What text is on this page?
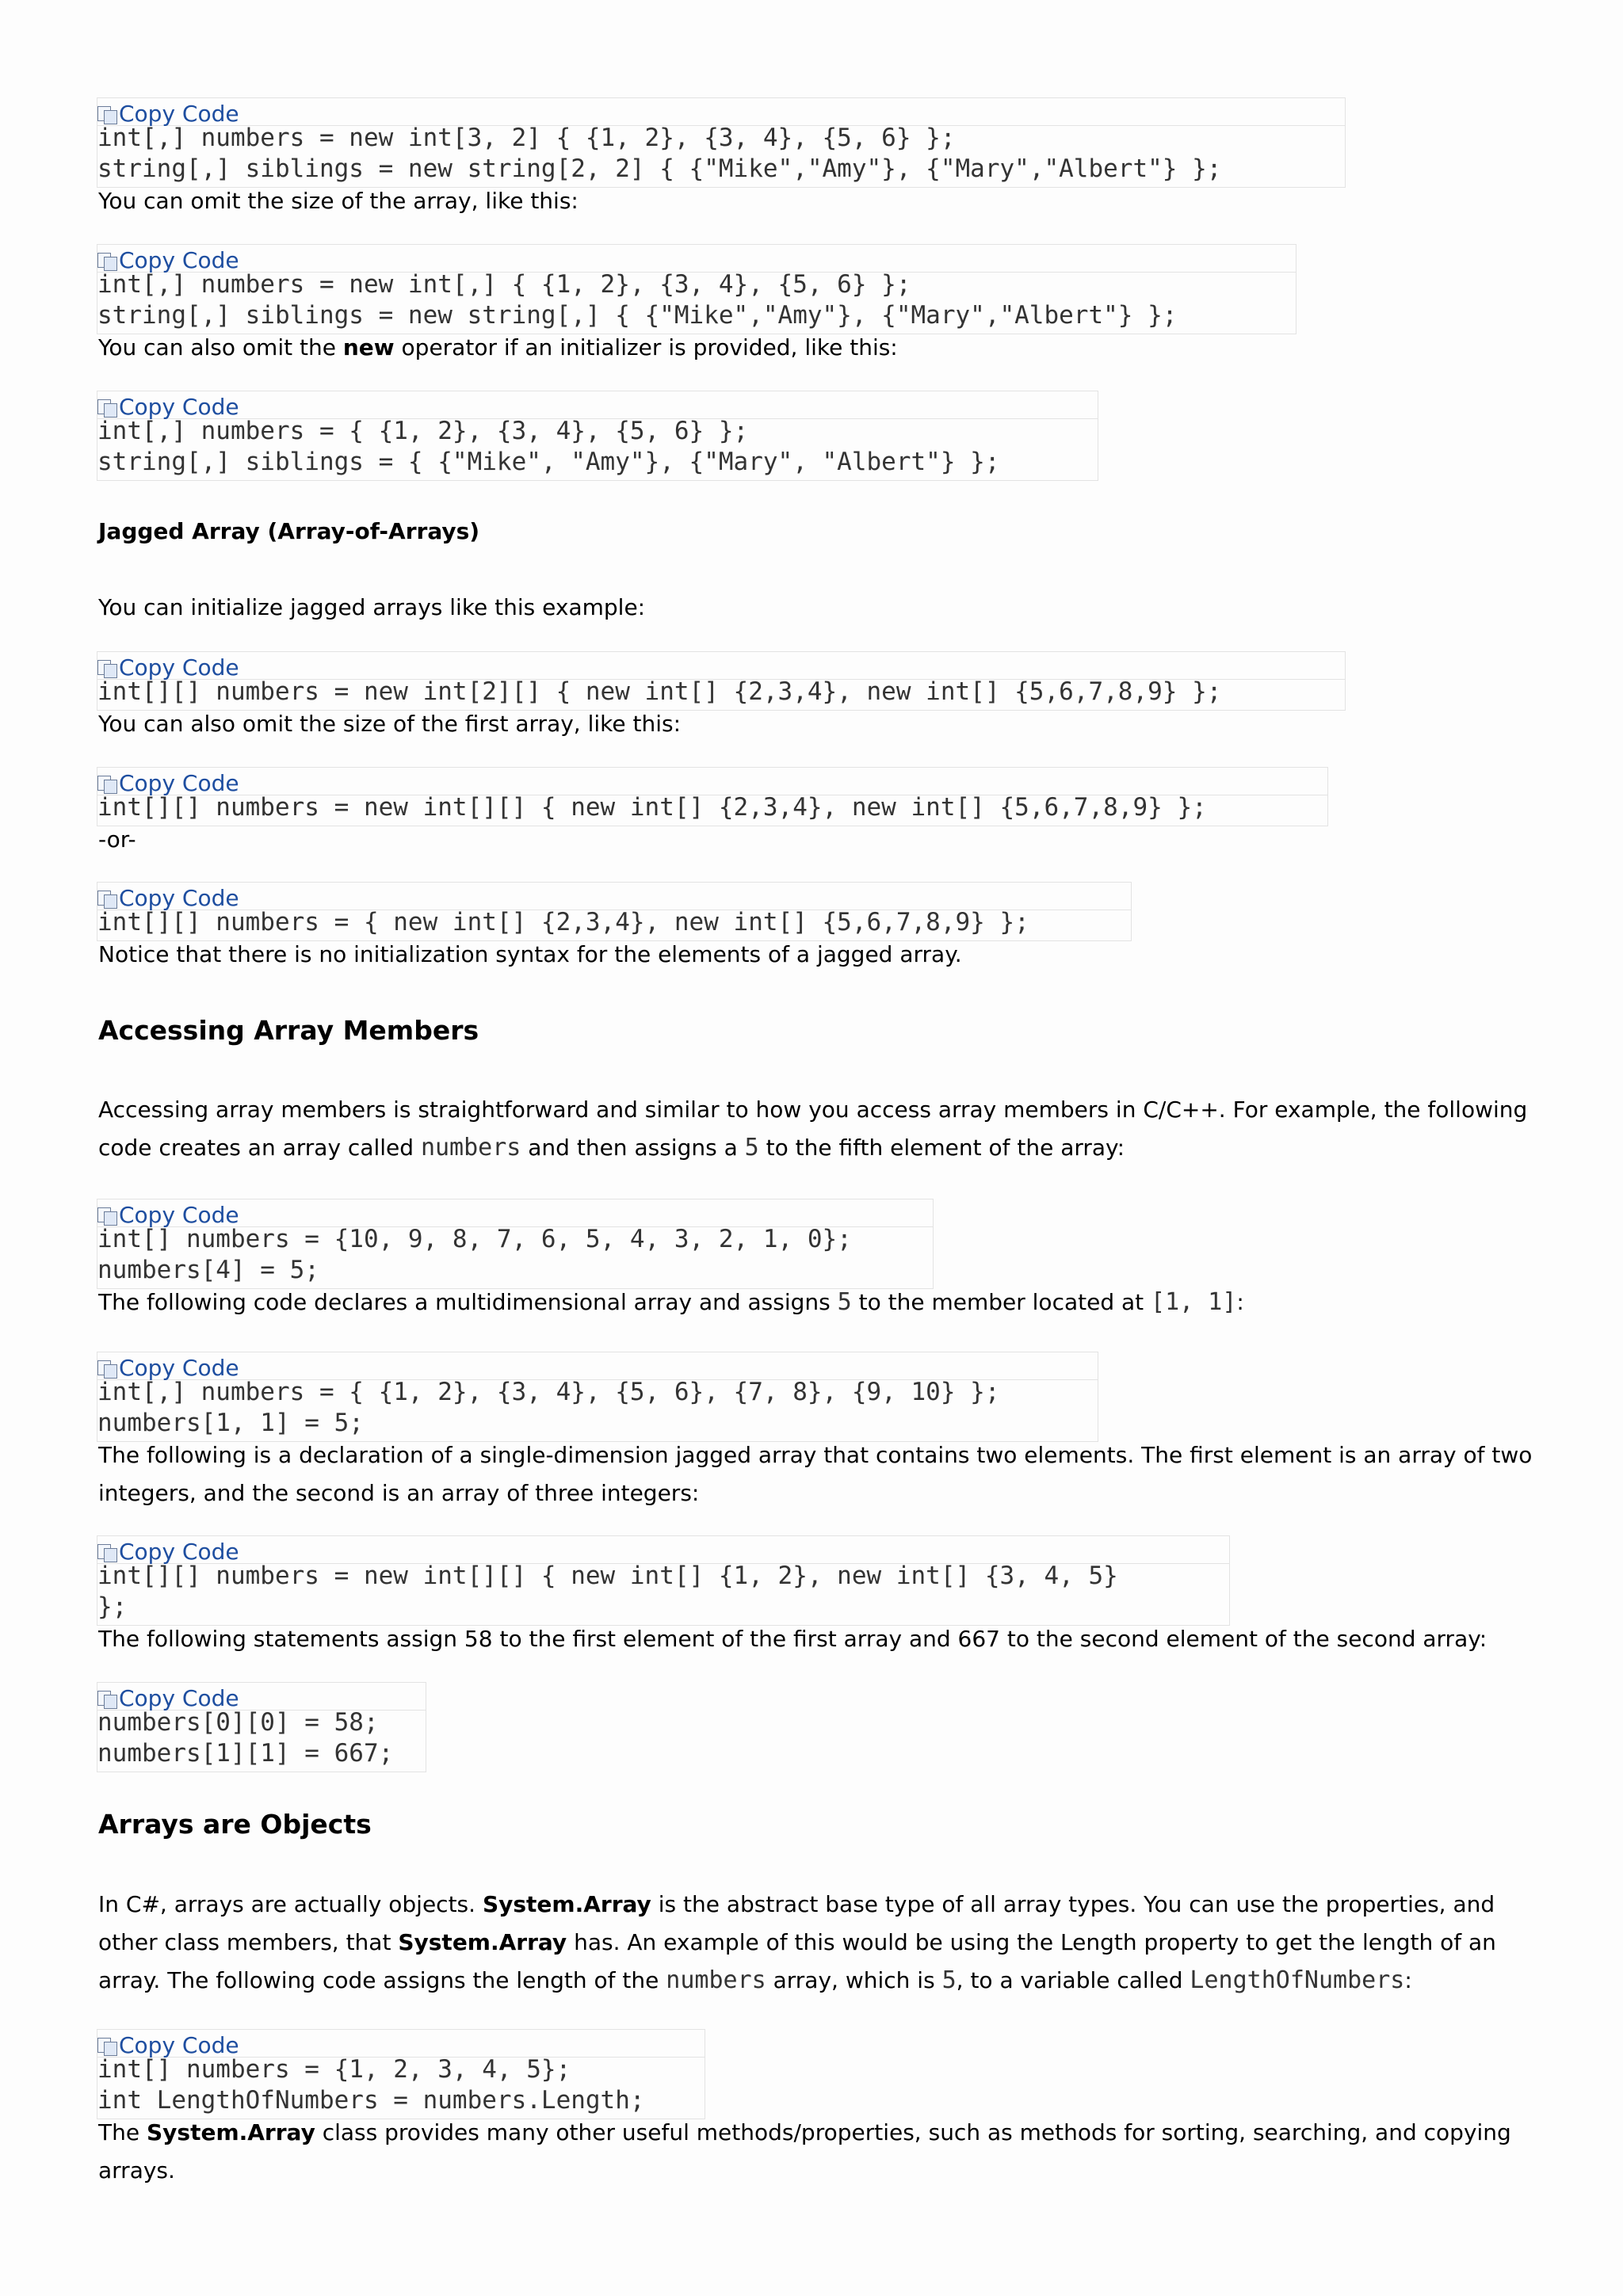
Copy Code
int[,] numbers = new int[3, 2] { {1, 2}, {3, 4}, {5, 6} };
string[,] siblings = new string[2, 2] { {"Mike","Amy"}, {"Mary","Albert"} };

You can omit the size of the array, like this:

Copy Code
int[,] numbers = new int[,] { {1, 2}, {3, 4}, {5, 6} };
string[,] siblings = new string[,] { {"Mike","Amy"}, {"Mary","Albert"} };

You can also omit the new operator if an initializer is provided, like this:

Copy Code
int[,] numbers = { {1, 2}, {3, 4}, {5, 6} };
string[,] siblings = { {"Mike", "Amy"}, {"Mary", "Albert"} };

Jagged Array (Array-of-Arrays)

You can initialize jagged arrays like this example:

Copy Code
int[][] numbers = new int[2][] { new int[] {2,3,4}, new int[] {5,6,7,8,9} };

You can also omit the size of the first array, like this:

Copy Code
int[][] numbers = new int[][] { new int[] {2,3,4}, new int[] {5,6,7,8,9} };

-or-

Copy Code
int[][] numbers = { new int[] {2,3,4}, new int[] {5,6,7,8,9} };

Notice that there is no initialization syntax for the elements of a jagged array.

Accessing Array Members

Accessing array members is straightforward and similar to how you access array members in C/C++. For example, the following

code creates an array called numbers and then assigns a 5 to the fifth element of the array:

Copy Code
int[] numbers = {10, 9, 8, 7, 6, 5, 4, 3, 2, 1, 0};
numbers[4] = 5;

The following code declares a multidimensional array and assigns 5 to the member located at [1, 1]:

Copy Code
int[,] numbers = { {1, 2}, {3, 4}, {5, 6}, {7, 8}, {9, 10} };
numbers[1, 1] = 5;

The following is a declaration of a single-dimension jagged array that contains two elements. The first element is an array of two

integers, and the second is an array of three integers:

Copy Code
int[][] numbers = new int[][] { new int[] {1, 2}, new int[] {3, 4, 5}
};

The following statements assign 58 to the first element of the first array and 667 to the second element of the second array:

Copy Code
numbers[0][0] = 58;
numbers[1][1] = 667;

Arrays are Objects

In C#, arrays are actually objects. System.Array is the abstract base type of all array types. You can use the properties, and

other class members, that System.Array has. An example of this would be using the Length property to get the length of an

array. The following code assigns the length of the numbers array, which is 5, to a variable called LengthOfNumbers:

Copy Code
int[] numbers = {1, 2, 3, 4, 5};
int LengthOfNumbers = numbers.Length;

The System.Array class provides many other useful methods/properties, such as methods for sorting, searching, and copying

arrays.
